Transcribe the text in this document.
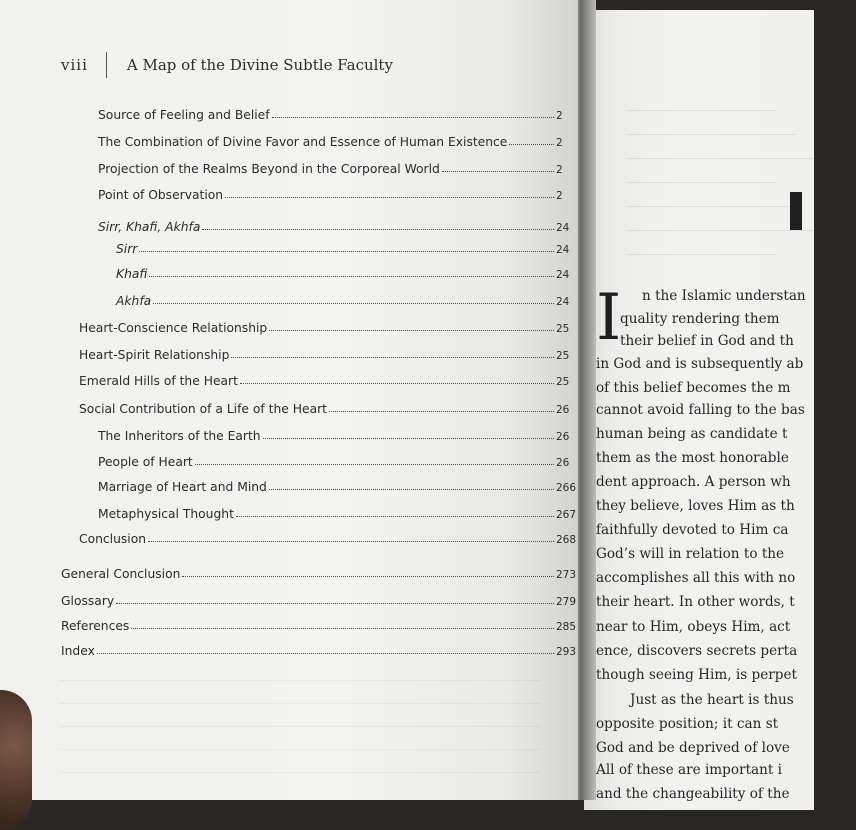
I n the Islamic understan
quality rendering them
their belief in God and th
in God and is subsequently ab
of this belief becomes the m
cannot avoid falling to the bas
human being as candidate t
them as the most honorable
dent approach. A person wh
they believe, loves Him as th
faithfully devoted to Him ca
God’s will in relation to the
accomplishes all this with no
their heart. In other words, t
near to Him, obeys Him, act
ence, discovers secrets perta
though seeing Him, is perpet
Just as the heart is thus
opposite position; it can st
God and be deprived of love
All of these are important i
and the changeability of the
viii	A Map of the Divine Subtle Faculty
Source of Feeling and Belief	2
The Combination of Divine Favor and Essence of Human Existence	2
Projection of the Realms Beyond in the Corporeal World	2
Point of Observation	2
Sirr, Khafi, Akhfa	24
Sirr	24
Khafi	24
Akhfa	24
Heart-Conscience Relationship	25
Heart-Spirit Relationship	25
Emerald Hills of the Heart	25
Social Contribution of a Life of the Heart	26
The Inheritors of the Earth	26
People of Heart	26
Marriage of Heart and Mind	266
Metaphysical Thought	267
Conclusion	268
General Conclusion	273
Glossary	279
References	285
Index	293
